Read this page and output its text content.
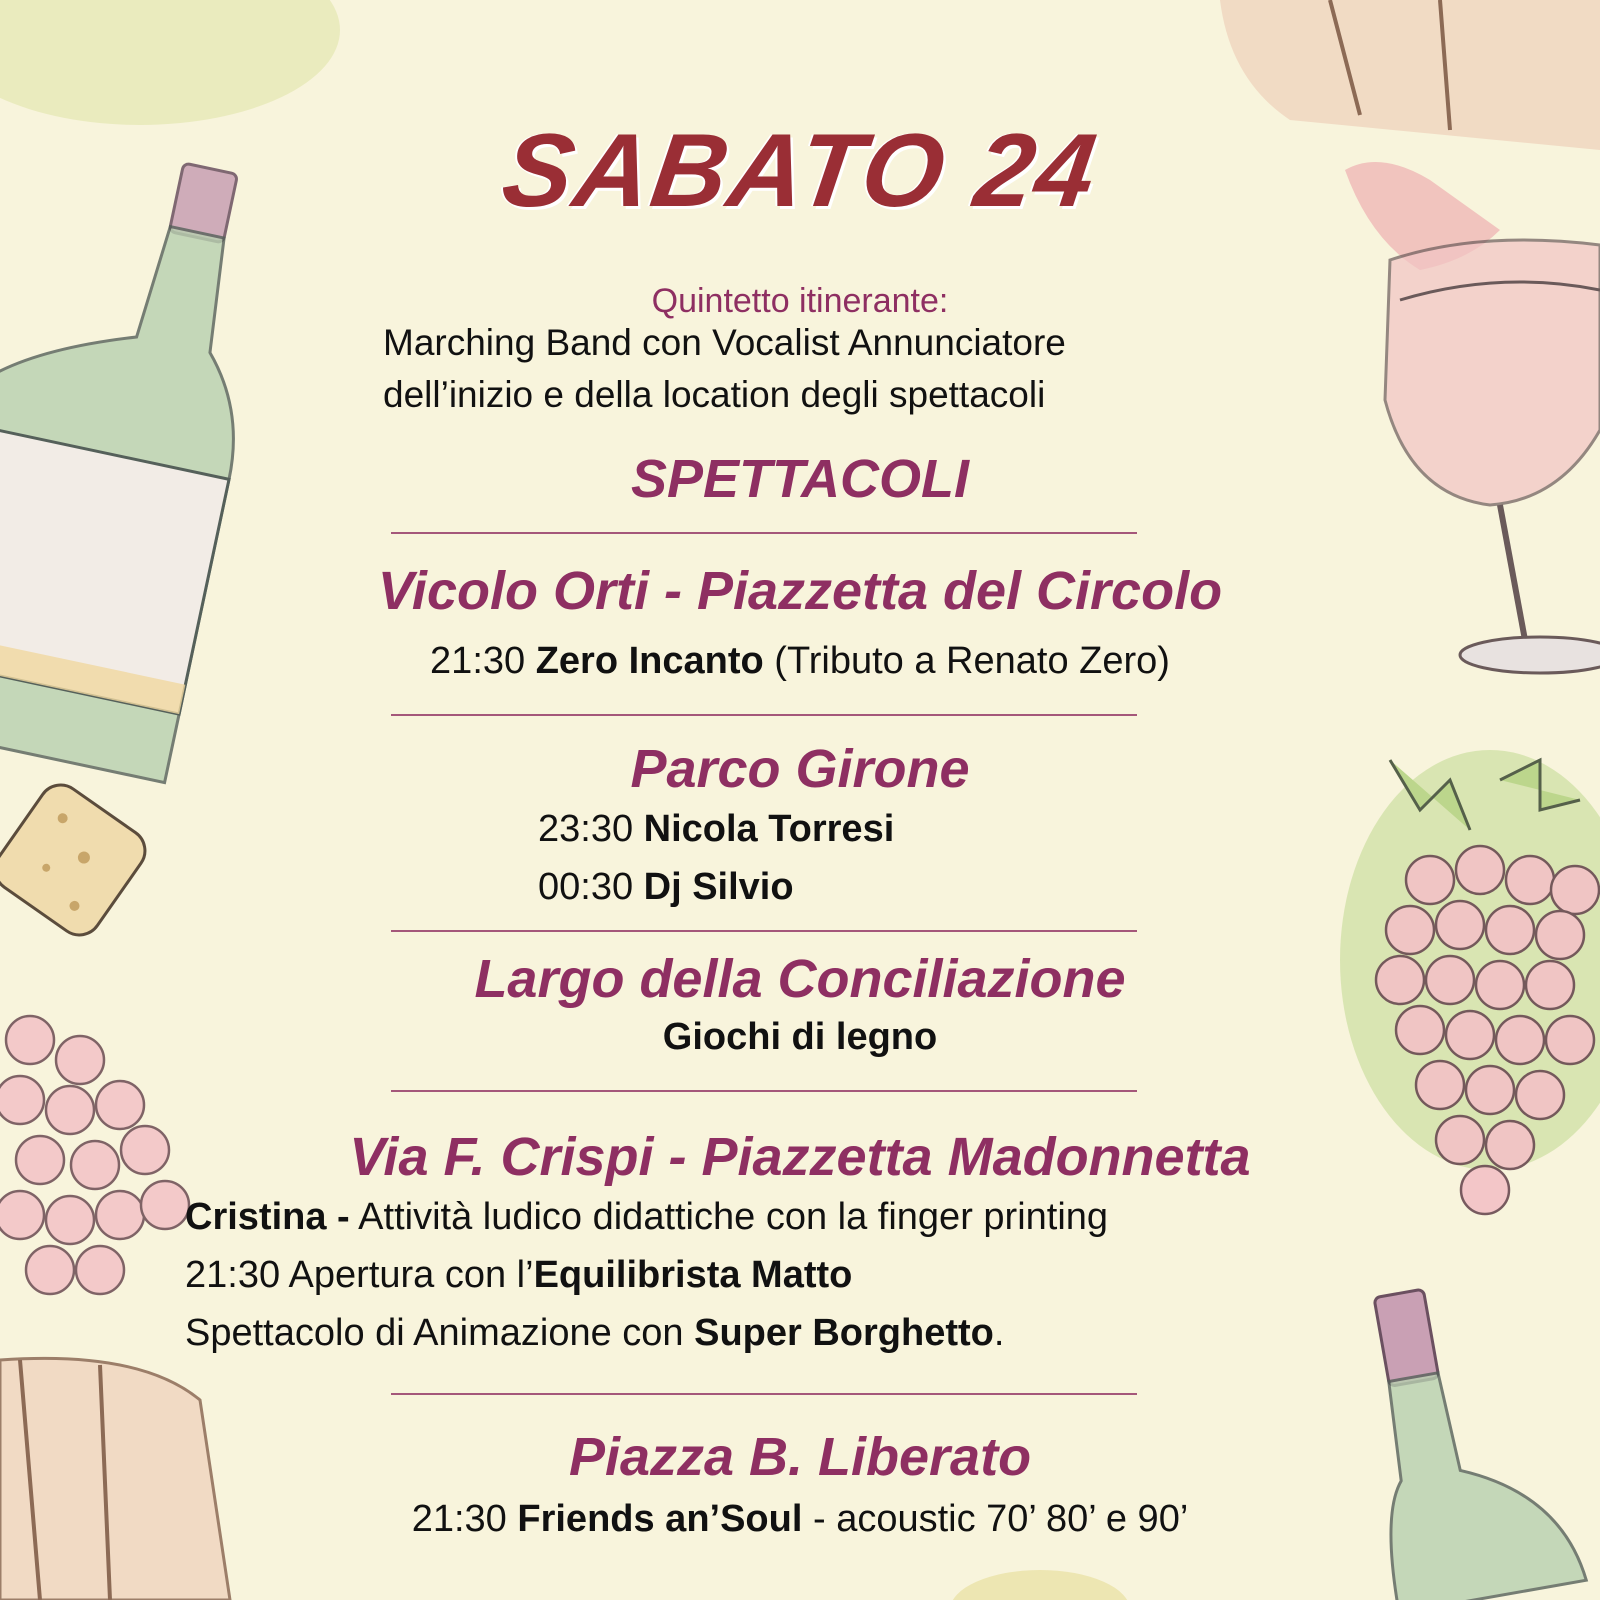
SABATO 24
Quintetto itinerante:
Marching Band con Vocalist Annunciatore
dell’inizio e della location degli spettacoli
SPETTACOLI
Vicolo Orti - Piazzetta del Circolo
21:30 Zero Incanto (Tributo a Renato Zero)
Parco Girone
23:30 Nicola Torresi
00:30 Dj Silvio
Largo della Conciliazione
Giochi di legno
Via F. Crispi - Piazzetta Madonnetta
Cristina - Attività ludico didattiche con la finger printing
21:30 Apertura con l’Equilibrista Matto
Spettacolo di Animazione con Super Borghetto.
Piazza B. Liberato
21:30 Friends an’Soul - acoustic 70’ 80’ e 90’
